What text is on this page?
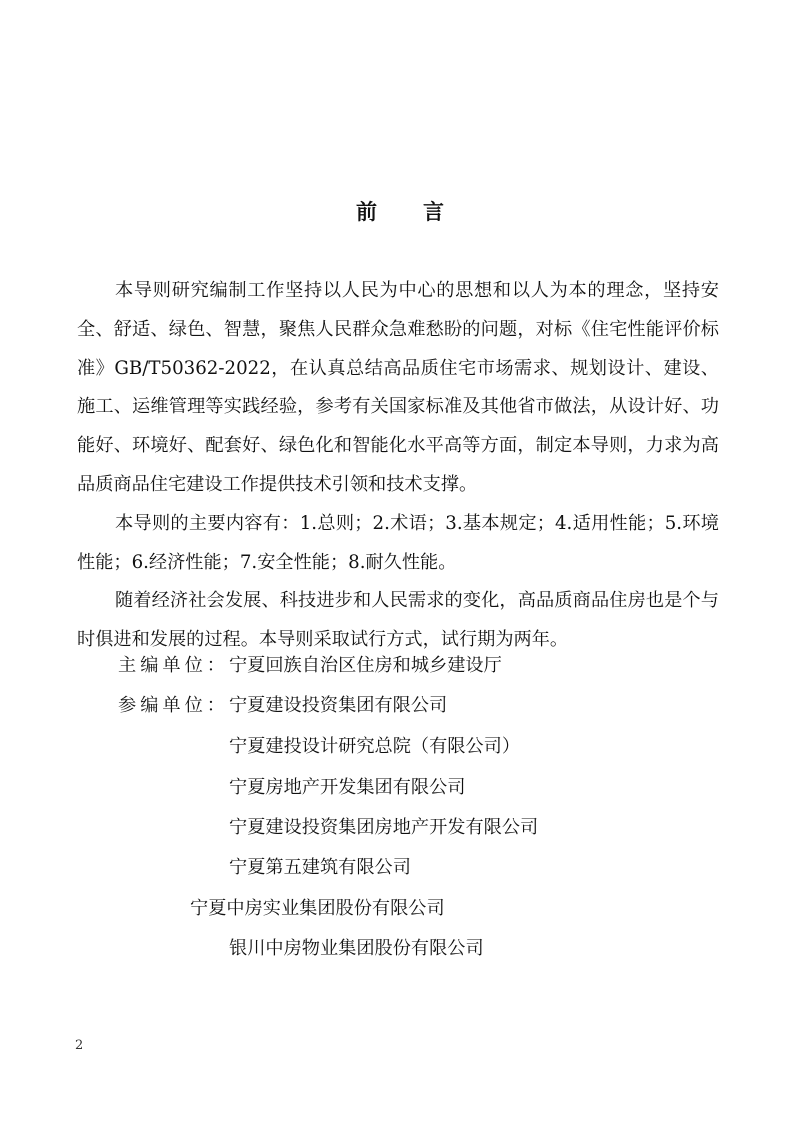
前 言

本导则研究编制工作坚持以人民为中心的思想和以人为本的理念，坚持安全、舒适、绿色、智慧，聚焦人民群众急难愁盼的问题，对标《住宅性能评价标准》GB/T50362-2022，在认真总结高品质住宅市场需求、规划设计、建设、施工、运维管理等实践经验，参考有关国家标准及其他省市做法，从设计好、功能好、环境好、配套好、绿色化和智能化水平高等方面，制定本导则，力求为高品质商品住宅建设工作提供技术引领和技术支撑。

本导则的主要内容有：1.总则；2.术语；3.基本规定；4.适用性能；5.环境性能；6.经济性能；7.安全性能；8.耐久性能。

随着经济社会发展、科技进步和人民需求的变化，高品质商品住房也是个与时俱进和发展的过程。本导则采取试行方式，试行期为两年。

主编单位：宁夏回族自治区住房和城乡建设厅
参编单位：宁夏建设投资集团有限公司
宁夏建投设计研究总院（有限公司）
宁夏房地产开发集团有限公司
宁夏建设投资集团房地产开发有限公司
宁夏第五建筑有限公司
宁夏中房实业集团股份有限公司
银川中房物业集团股份有限公司
2
